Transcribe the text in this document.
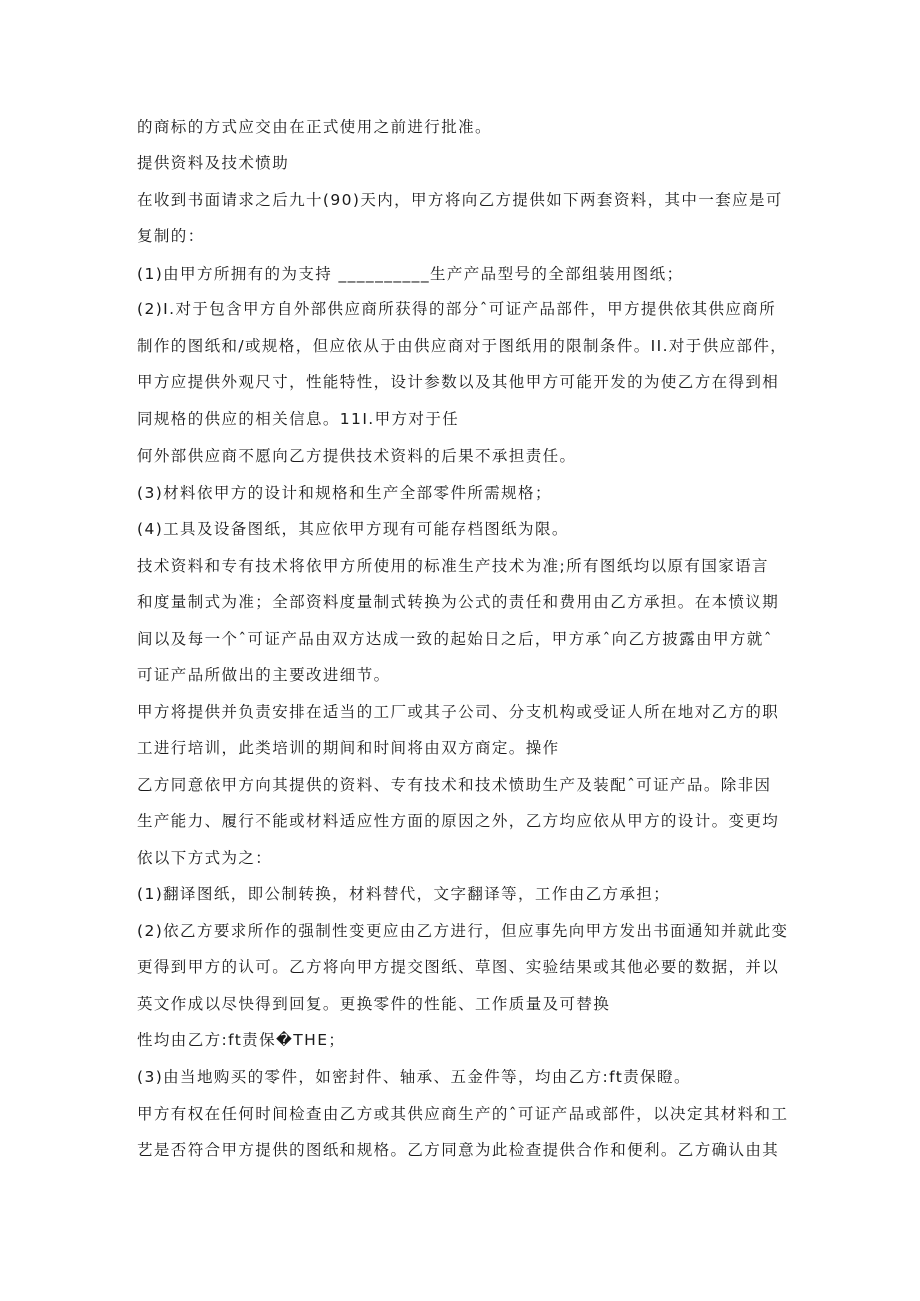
的商标的方式应交由在正式使用之前进行批准。

提供资料及技术愤助

在收到书面请求之后九十(90)天内，甲方将向乙方提供如下两套资料，其中一套应是可

复制的：

(1)由甲方所拥有的为支持 __________生产产品型号的全部组装用图纸；

(2)I.对于包含甲方自外部供应商所获得的部分ˆ可证产品部件，甲方提供依其供应商所

制作的图纸和/或规格，但应依从于由供应商对于图纸用的限制条件。II.对于供应部件，

甲方应提供外观尺寸，性能特性，设计参数以及其他甲方可能开发的为使乙方在得到相

同规格的供应的相关信息。11I.甲方对于任

何外部供应商不愿向乙方提供技术资料的后果不承担责任。

(3)材料依甲方的设计和规格和生产全部零件所需规格；

(4)工具及设备图纸，其应依甲方现有可能存档图纸为限。

技术资料和专有技术将依甲方所使用的标准生产技术为准;所有图纸均以原有国家语言

和度量制式为准；全部资料度量制式转换为公式的责任和费用由乙方承担。在本愤议期

间以及每一个ˆ可证产品由双方达成一致的起始日之后，甲方承ˆ向乙方披露由甲方就ˆ

可证产品所做出的主要改进细节。

甲方将提供并负责安排在适当的工厂或其子公司、分支机构或受证人所在地对乙方的职

工进行培训，此类培训的期间和时间将由双方商定。操作

乙方同意依甲方向其提供的资料、专有技术和技术愤助生产及装配ˆ可证产品。除非因

生产能力、履行不能或材料适应性方面的原因之外，乙方均应依从甲方的设计。变更均

依以下方式为之：

(1)翻译图纸，即公制转换，材料替代，文字翻译等，工作由乙方承担；

(2)依乙方要求所作的强制性变更应由乙方进行，但应事先向甲方发出书面通知并就此变

更得到甲方的认可。乙方将向甲方提交图纸、草图、实验结果或其他必要的数据，并以

英文作成以尽快得到回复。更换零件的性能、工作质量及可替换

性均由乙方:ft责保�THE；

(3)由当地购买的零件，如密封件、轴承、五金件等，均由乙方:ft责保瞪。

甲方有权在任何时间检查由乙方或其供应商生产的ˆ可证产品或部件，以决定其材料和工

艺是否符合甲方提供的图纸和规格。乙方同意为此检查提供合作和便利。乙方确认由其
